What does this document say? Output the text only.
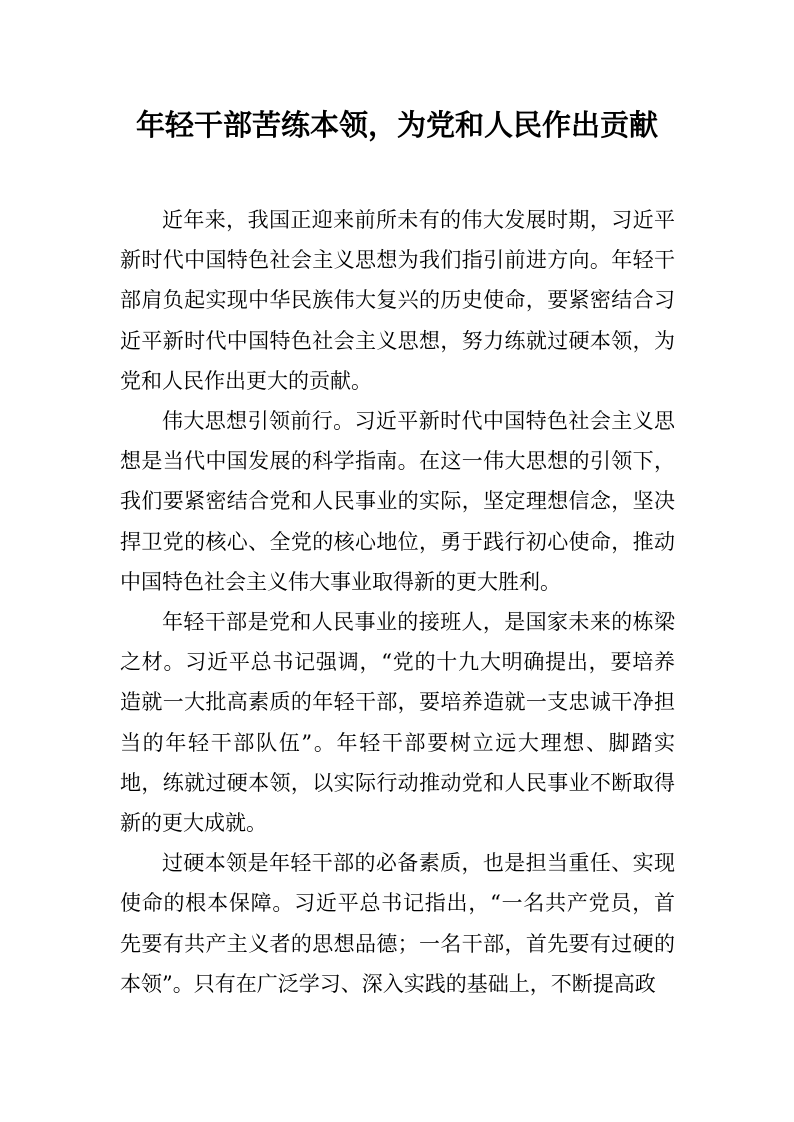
年轻干部苦练本领，为党和人民作出贡献

近年来，我国正迎来前所未有的伟大发展时期，习近平新时代中国特色社会主义思想为我们指引前进方向。年轻干部肩负起实现中华民族伟大复兴的历史使命，要紧密结合习近平新时代中国特色社会主义思想，努力练就过硬本领，为党和人民作出更大的贡献。

伟大思想引领前行。习近平新时代中国特色社会主义思想是当代中国发展的科学指南。在这一伟大思想的引领下， 我们要紧密结合党和人民事业的实际，坚定理想信念，坚决捍卫党的核心、全党的核心地位，勇于践行初心使命，推动中国特色社会主义伟大事业取得新的更大胜利。

年轻干部是党和人民事业的接班人，是国家未来的栋梁之材。习近平总书记强调，“党的十九大明确提出，要培养造就一大批高素质的年轻干部，要培养造就一支忠诚干净担当的年轻干部队伍”。年轻干部要树立远大理想、脚踏实地，练就过硬本领，以实际行动推动党和人民事业不断取得新的更大成就。

过硬本领是年轻干部的必备素质，也是担当重任、实现使命的根本保障。习近平总书记指出，“一名共产党员，首先要有共产主义者的思想品德；一名干部，首先要有过硬的本领”。只有在广泛学习、深入实践的基础上，不断提高政
